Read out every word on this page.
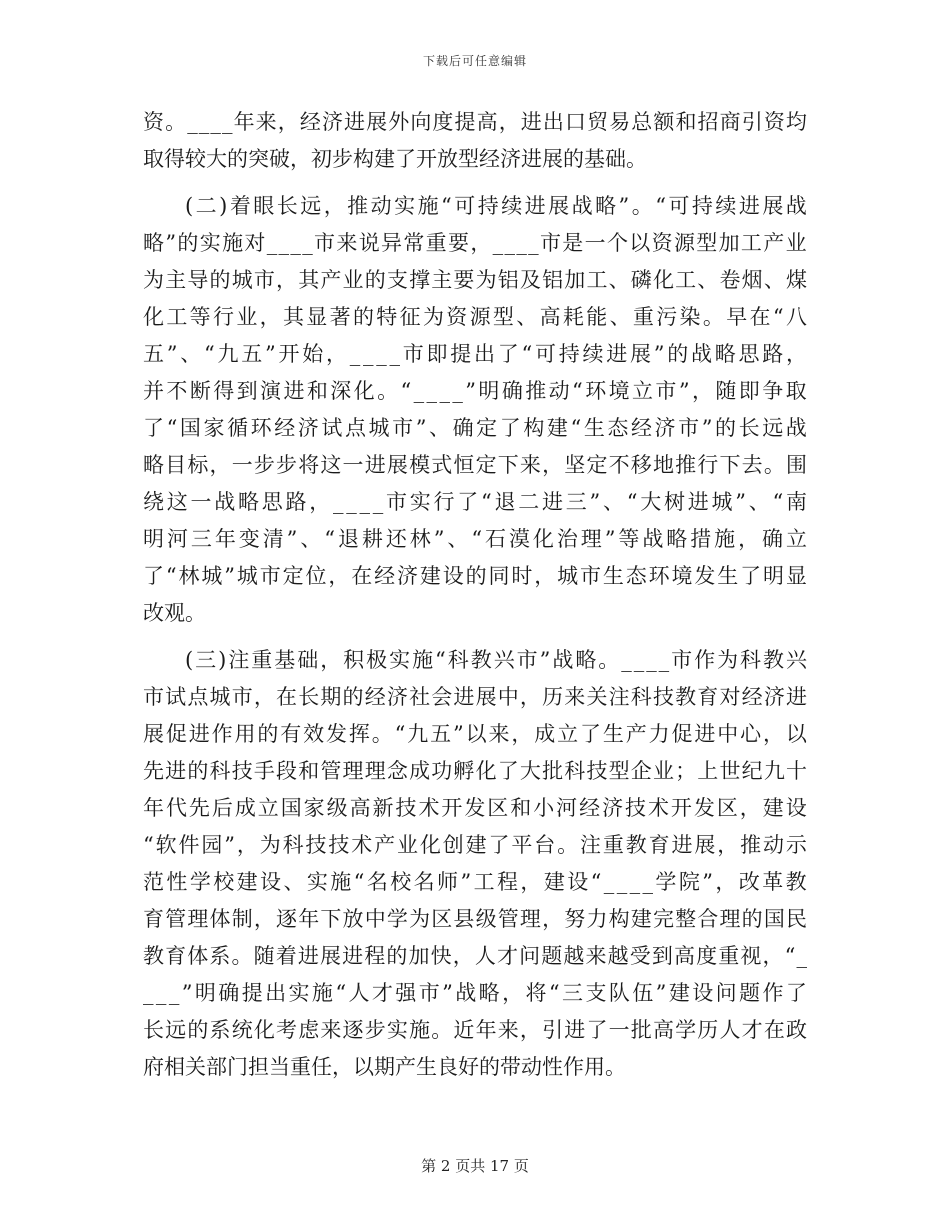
下载后可任意编辑
资 。 _ _ _ _ 年 来 ， 经 济 进 展 外 向 度 提 高 ， 进 出 口 贸 易 总 额 和 招 商 引 资 均
取得较大的突破，初步构建了开放型经济进展的基础。
( 二 ) 着 眼 长 远 ， 推 动 实 施 “ 可 持 续 进 展 战 略 ” 。 “ 可 持 续 进 展 战
略 ” 的 实 施 对 _ _ _ _ 市 来 说 异 常 重 要 ， _ _ _ _ 市 是 一 个 以 资 源 型 加 工 产 业
为 主 导 的 城 市 ， 其 产 业 的 支 撑 主 要 为 铝 及 铝 加 工 、 磷 化 工 、 卷 烟 、 煤
化 工 等 行 业 ， 其 显 著 的 特 征 为 资 源 型 、 高 耗 能 、 重 污 染 。 早 在 “ 八
五 ” 、 “ 九 五 ” 开 始 ， _ _ _ _ 市 即 提 出 了 “ 可 持 续 进 展 ” 的 战 略 思 路 ，
并 不 断 得 到 演 进 和 深 化 。 “ _ _ _ _ ” 明 确 推 动 “ 环 境 立 市 ” ， 随 即 争 取
了 “ 国 家 循 环 经 济 试 点 城 市 ” 、 确 定 了 构 建 “ 生 态 经 济 市 ” 的 长 远 战
略 目 标 ， 一 步 步 将 这 一 进 展 模 式 恒 定 下 来 ， 坚 定 不 移 地 推 行 下 去 。 围
绕 这 一 战 略 思 路 ， _ _ _ _ 市 实 行 了 “ 退 二 进 三 ” 、 “ 大 树 进 城 ” 、 “ 南
明 河 三 年 变 清 ” 、 “ 退 耕 还 林 ” 、 “ 石 漠 化 治 理 ” 等 战 略 措 施 ， 确 立
了 “ 林 城 ” 城 市 定 位 ， 在 经 济 建 设 的 同 时 ， 城 市 生 态 环 境 发 生 了 明 显
改观。
( 三 ) 注 重 基 础 ， 积 极 实 施 “ 科 教 兴 市 ” 战 略 。 _ _ _ _ 市 作 为 科 教 兴
市 试 点 城 市 ， 在 长 期 的 经 济 社 会 进 展 中 ， 历 来 关 注 科 技 教 育 对 经 济 进
展 促 进 作 用 的 有 效 发 挥 。 “ 九 五 ” 以 来 ， 成 立 了 生 产 力 促 进 中 心 ， 以
先 进 的 科 技 手 段 和 管 理 理 念 成 功 孵 化 了 大 批 科 技 型 企 业 ； 上 世 纪 九 十
年 代 先 后 成 立 国 家 级 高 新 技 术 开 发 区 和 小 河 经 济 技 术 开 发 区 ， 建 设
“ 软 件 园 ” ， 为 科 技 技 术 产 业 化 创 建 了 平 台 。 注 重 教 育 进 展 ， 推 动 示
范 性 学 校 建 设 、 实 施 “ 名 校 名 师 ” 工 程 ， 建 设 “ _ _ _ _ 学 院 ” ， 改 革 教
育 管 理 体 制 ， 逐 年 下 放 中 学 为 区 县 级 管 理 ， 努 力 构 建 完 整 合 理 的 国 民
教 育 体 系 。 随 着 进 展 进 程 的 加 快 ， 人 才 问 题 越 来 越 受 到 高 度 重 视 ， “ _
_ _ _ ” 明 确 提 出 实 施 “ 人 才 强 市 ” 战 略 ， 将 “ 三 支 队 伍 ” 建 设 问 题 作 了
长 远 的 系 统 化 考 虑 来 逐 步 实 施 。 近 年 来 ， 引 进 了 一 批 高 学 历 人 才 在 政
府相关部门担当重任，以期产生良好的带动性作用。
第 2 页共 17 页
